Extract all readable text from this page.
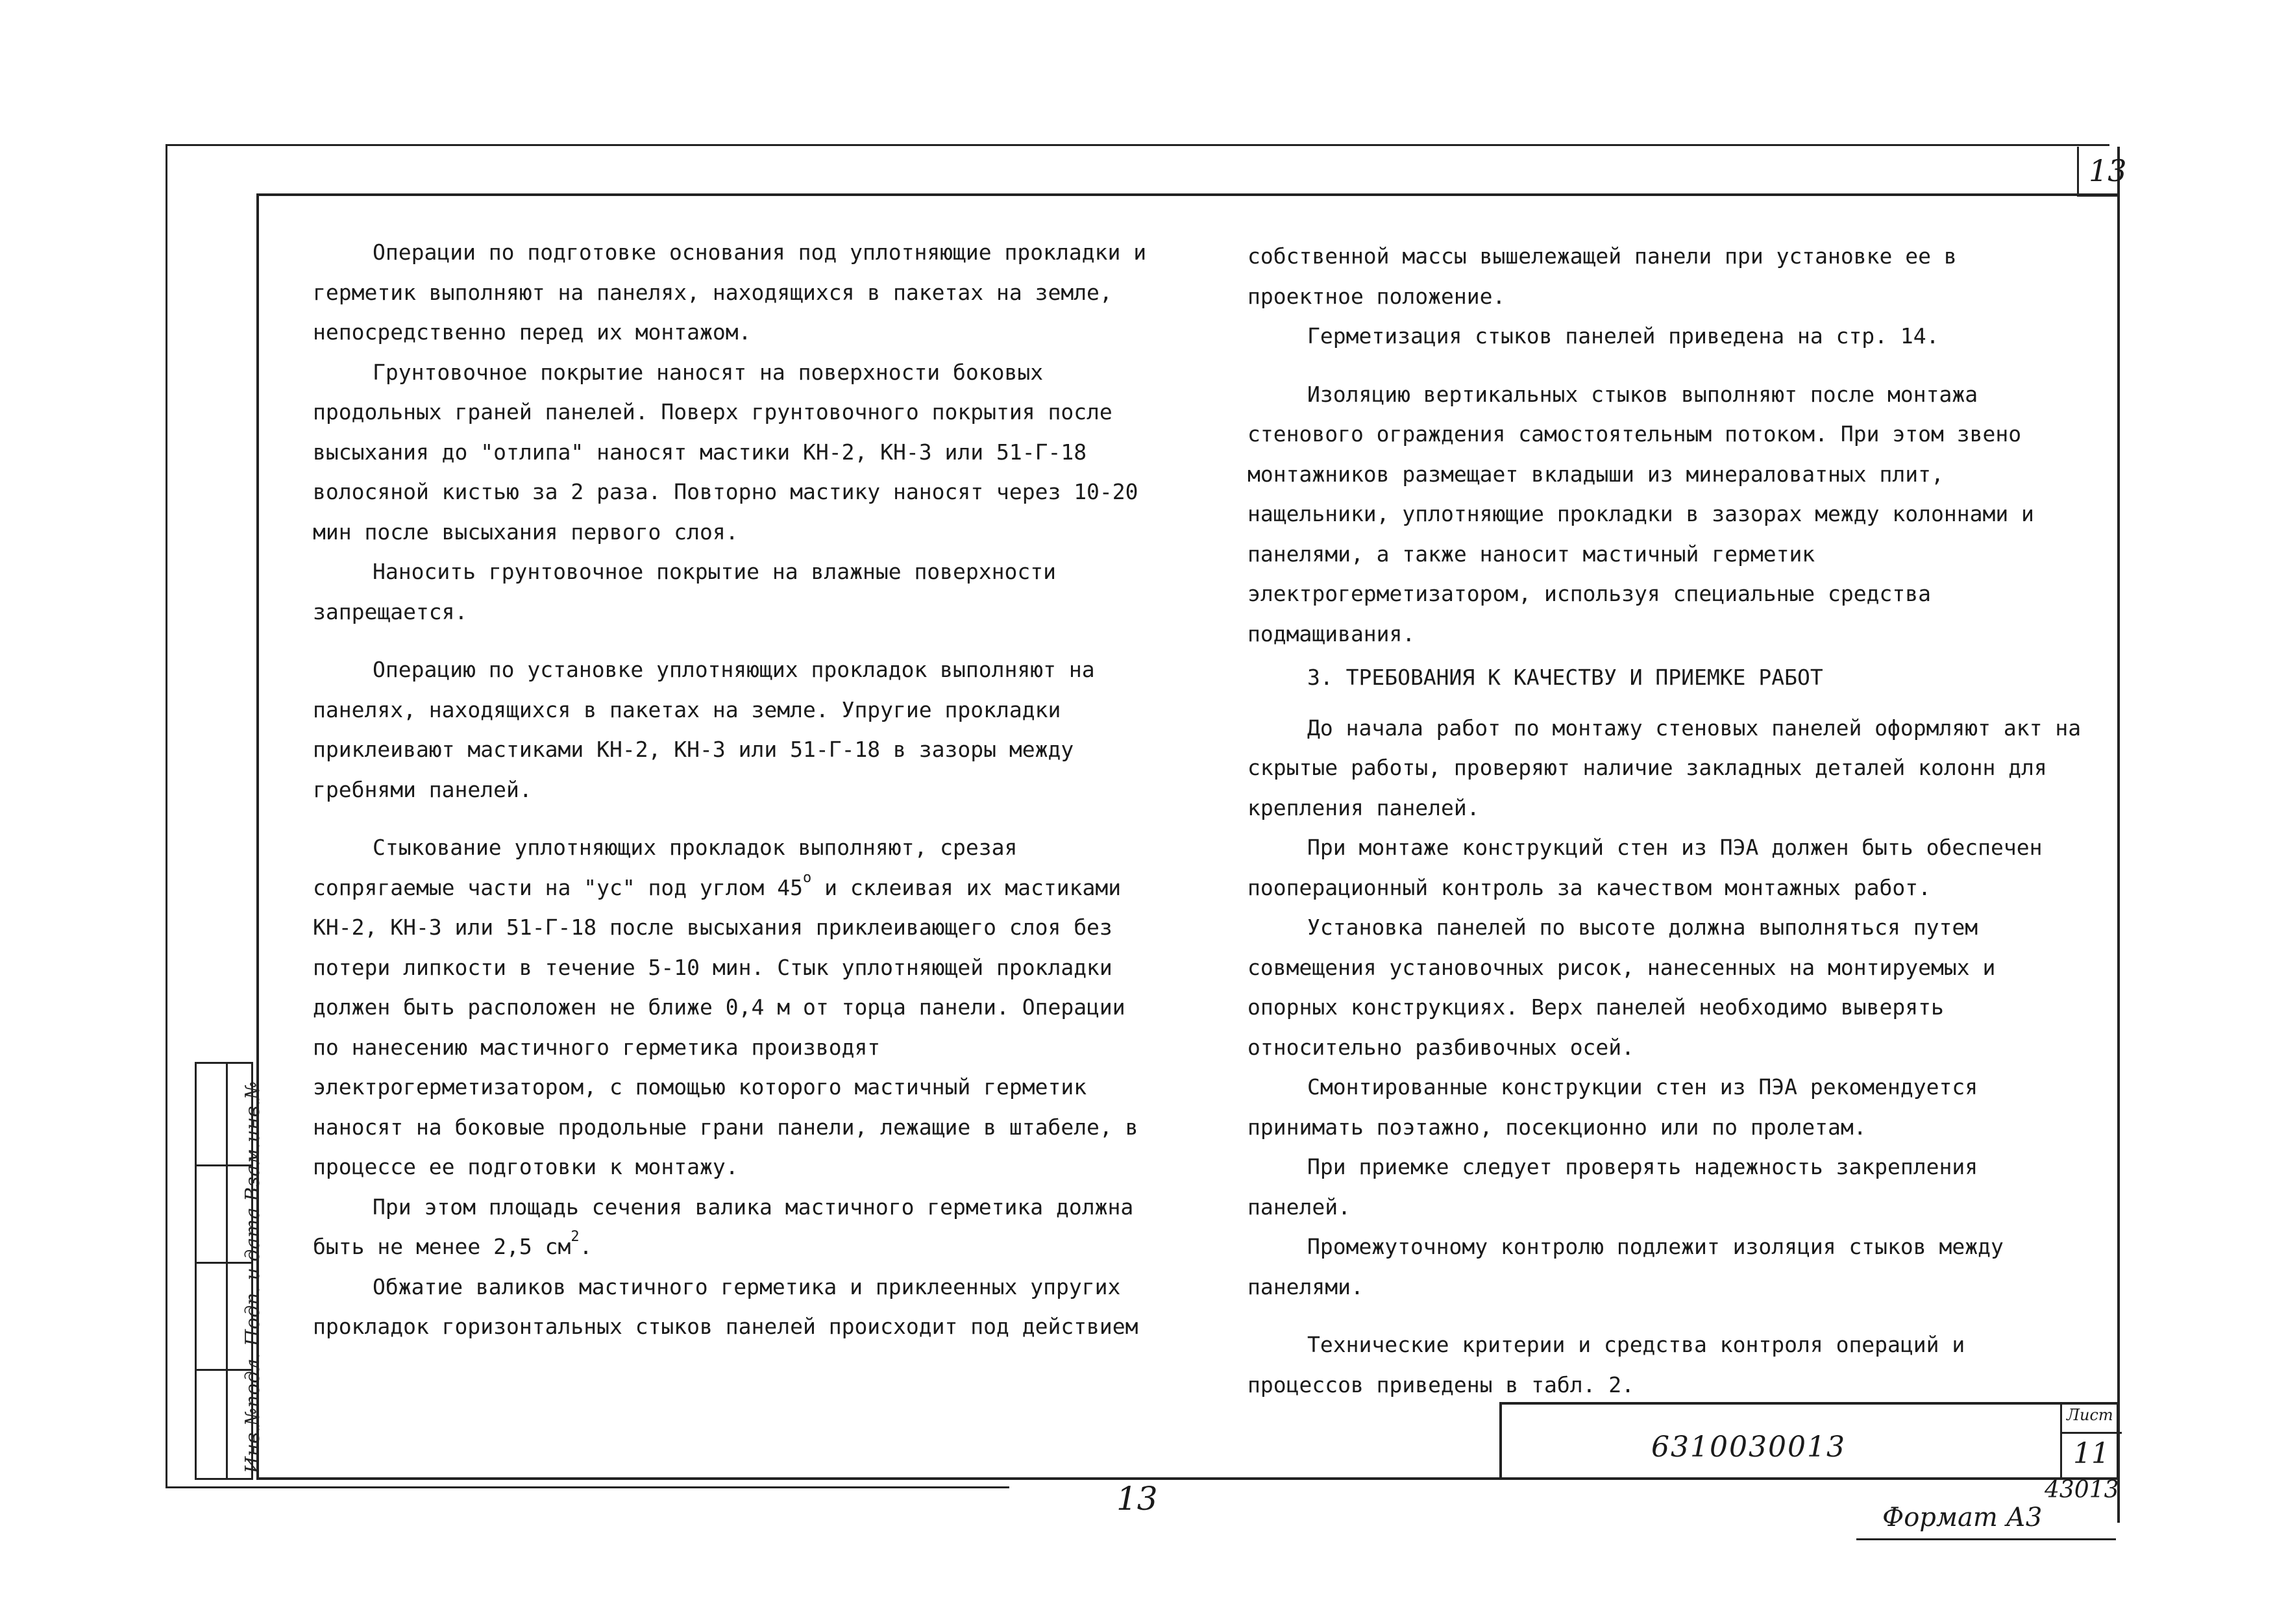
13
Инв.№подл. Подп. и дата Взам.инв.№

Операции по подготовке основания под уплотняющие прокладки и герметик выполняют на панелях, находящихся в пакетах на земле, непосредственно перед их монтажом.

Грунтовочное покрытие наносят на поверхности боковых продольных граней панелей. Поверх грунтовочного покрытия после высыхания до "отлипа" наносят мастики КН-2, КН-3 или 51-Г-18 волосяной кистью за 2 раза. Повторно мастику наносят через 10-20 мин после высыхания первого слоя.

Наносить грунтовочное покрытие на влажные поверхности запрещается.

Операцию по установке уплотняющих прокладок выполняют на панелях, находящихся в пакетах на земле. Упругие прокладки приклеивают мастиками КН-2, КН-3 или 51-Г-18 в зазоры между гребнями панелей.

Стыкование уплотняющих прокладок выполняют, срезая сопрягаемые части на "ус" под углом $45^о$ и склеивая их мастиками КН-2, КН-3 или 51-Г-18 после высыхания приклеивающего слоя без потери липкости в течение 5-10 мин. Стык уплотняющей прокладки должен быть расположен не ближе 0,4 м от торца панели. Операции по нанесению мастичного герметика производят электрогерметизатором, с помощью которого мастичный герметик наносят на боковые продольные грани панели, лежащие в штабеле, в процессе ее подготовки к монтажу.

При этом площадь сечения валика мастичного герметика должна быть не менее 2,5 $см^2$.

Обжатие валиков мастичного герметика и приклеенных упругих прокладок горизонтальных стыков панелей происходит под действием

собственной массы вышележащей панели при установке ее в проектное положение.

Герметизация стыков панелей приведена на стр. 14.

Изоляцию вертикальных стыков выполняют после монтажа стенового ограждения самостоятельным потоком. При этом звено монтажников размещает вкладыши из минераловатных плит, нащельники, уплотняющие прокладки в зазорах между колоннами и панелями, а также наносит мастичный герметик электрогерметизатором, используя специальные средства подмащивания.

3. ТРЕБОВАНИЯ К КАЧЕСТВУ И ПРИЕМКЕ РАБОТ

До начала работ по монтажу стеновых панелей оформляют акт на скрытые работы, проверяют наличие закладных деталей колонн для крепления панелей.

При монтаже конструкций стен из ПЭА должен быть обеспечен пооперационный контроль за качеством монтажных работ.

Установка панелей по высоте должна выполняться путем совмещения установочных рисок, нанесенных на монтируемых и опорных конструкциях. Верх панелей необходимо выверять относительно разбивочных осей.

Смонтированные конструкции стен из ПЭА рекомендуется принимать поэтажно, посекционно или по пролетам.

При приемке следует проверять надежность закрепления панелей.

Промежуточному контролю подлежит изоляция стыков между панелями.

Технические критерии и средства контроля операций и процессов приведены в табл. 2.

6310030013
Лист
11
13	43013
Формат А3
